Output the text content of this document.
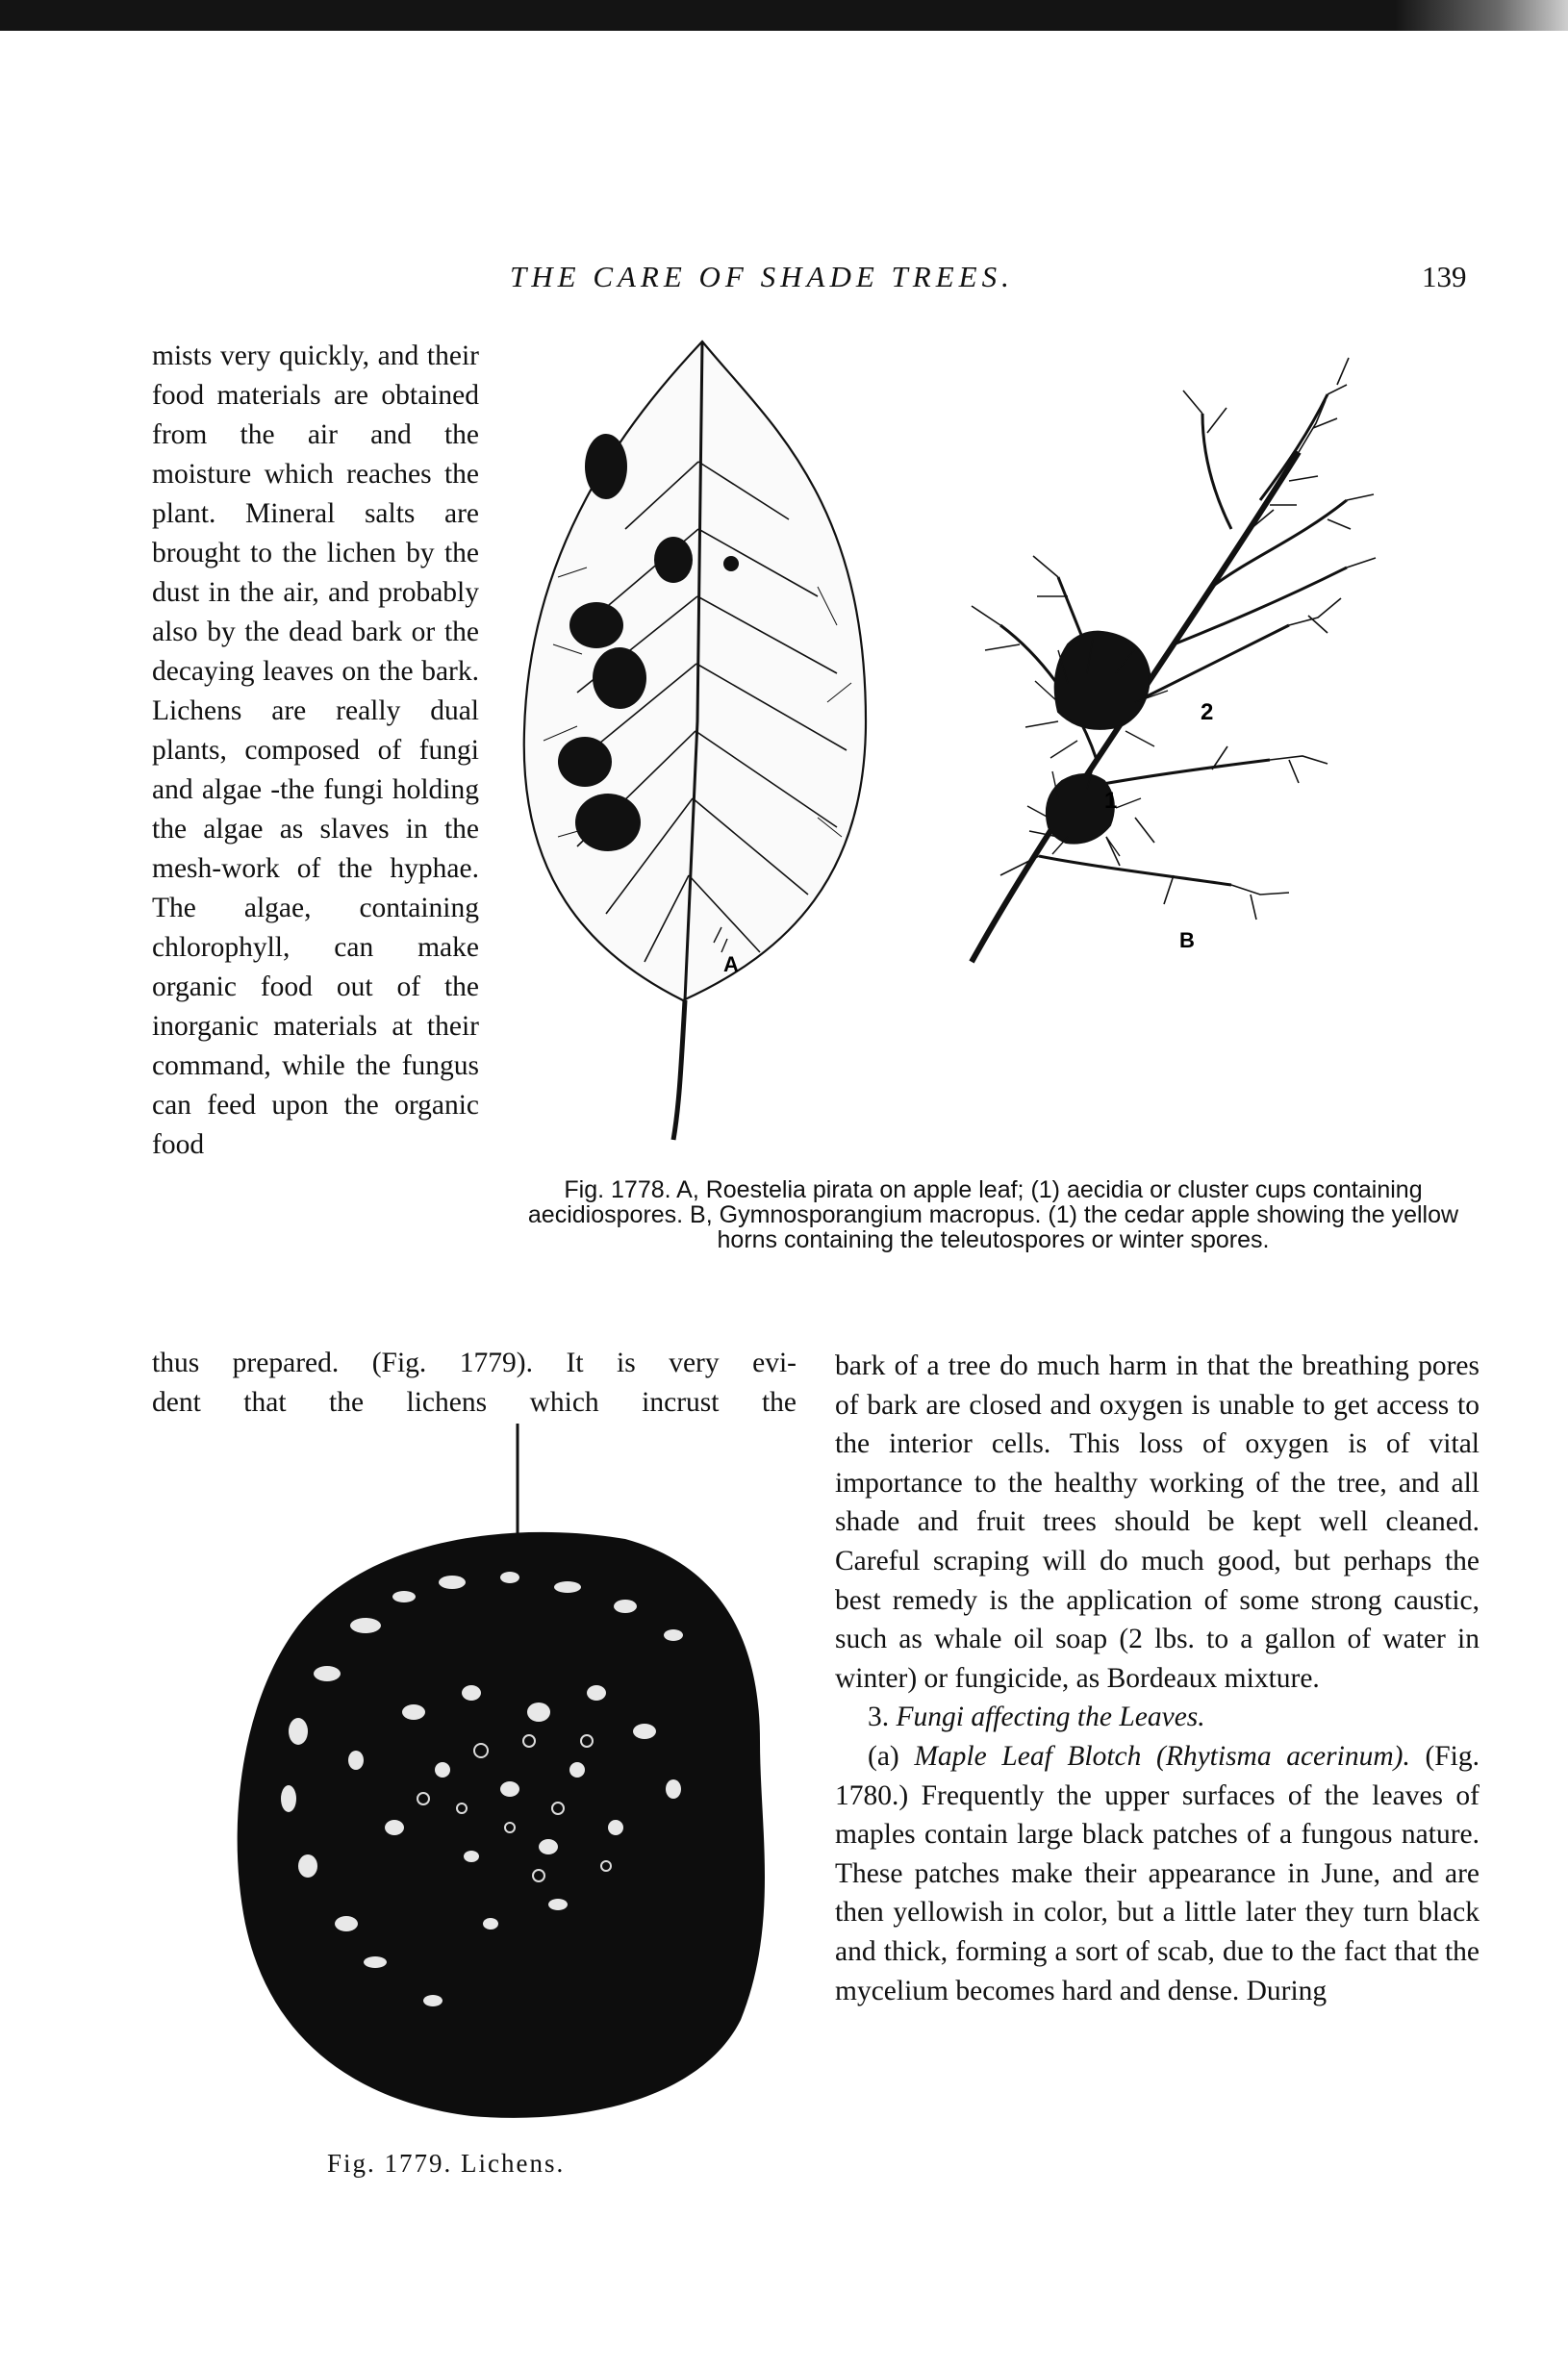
THE CARE OF SHADE TREES.	139

mists very quickly, and their food materials are obtained from the air and the moisture which reaches the plant. Mineral salts are brought to the lichen by the dust in the air, and probably also by the dead bark or the decaying leaves on the bark. Lichens are really dual plants, composed of fungi and algae -the fungi holding the algae as slaves in the mesh-work of the hyphae. The algae, containing chlorophyll, can make organic food out of the inorganic materials at their command, while the fungus can feed upon the organic food

thus prepared. (Fig. 1779). It is very evi-
dent that the lichens which incrust the
A
2
1
B
Fig. 1778. A, Roestelia pirata on apple leaf; (1) aecidia or cluster cups containing aecidiospores. B, Gymnosporangium macropus. (1) the cedar apple showing the yellow horns containing the teleutospores or winter spores.
Fig. 1779. Lichens.

bark of a tree do much harm in that the breathing pores of bark are closed and oxygen is unable to get access to the interior cells. This loss of oxygen is of vital importance to the healthy working of the tree, and all shade and fruit trees should be kept well cleaned. Careful scraping will do much good, but perhaps the best remedy is the application of some strong caustic, such as whale oil soap (2 lbs. to a gallon of water in winter) or fungicide, as Bordeaux mixture.

3. Fungi affecting the Leaves.

(a) Maple Leaf Blotch (Rhytisma acerinum). (Fig. 1780.) Frequently the upper surfaces of the leaves of maples contain large black patches of a fungous nature. These patches make their appearance in June, and are then yellowish in color, but a little later they turn black and thick, forming a sort of scab, due to the fact that the mycelium becomes hard and dense. During
